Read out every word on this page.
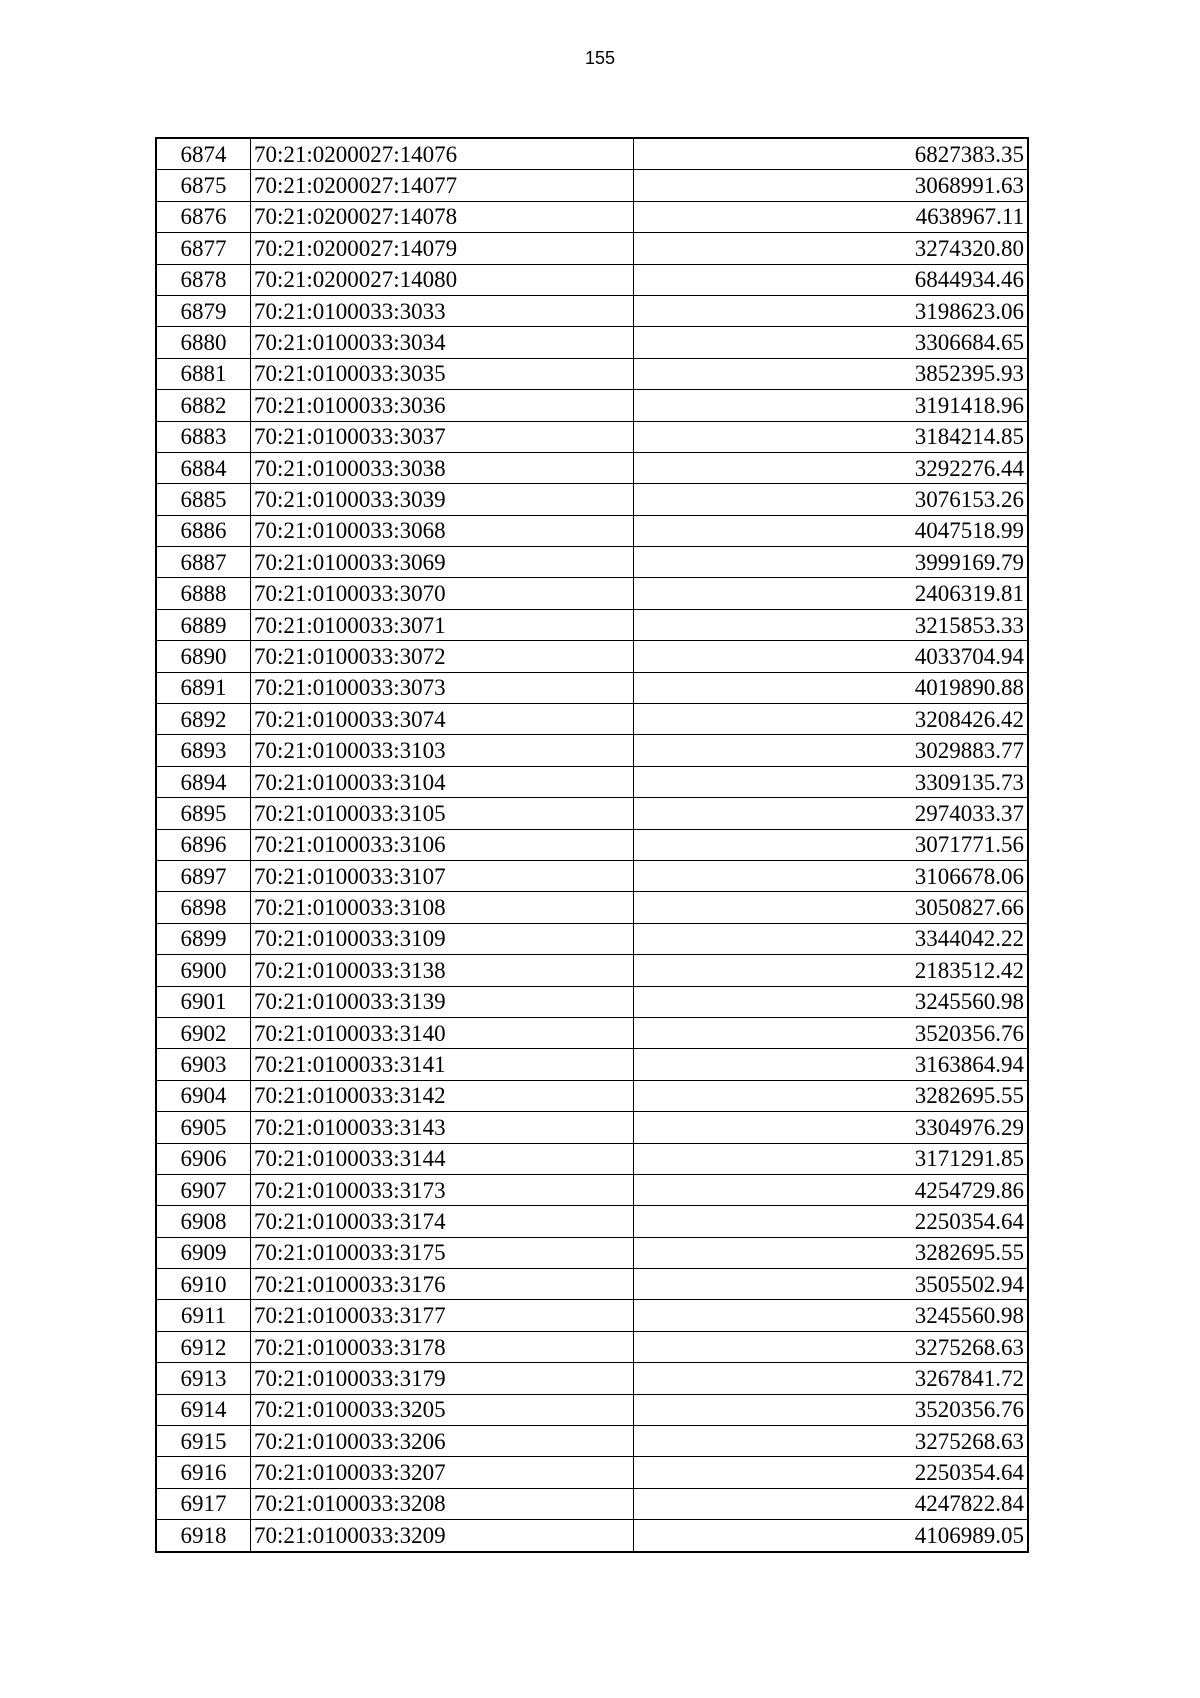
155
6874	70:21:0200027:14076	6827383.35
6875	70:21:0200027:14077	3068991.63
6876	70:21:0200027:14078	4638967.11
6877	70:21:0200027:14079	3274320.80
6878	70:21:0200027:14080	6844934.46
6879	70:21:0100033:3033	3198623.06
6880	70:21:0100033:3034	3306684.65
6881	70:21:0100033:3035	3852395.93
6882	70:21:0100033:3036	3191418.96
6883	70:21:0100033:3037	3184214.85
6884	70:21:0100033:3038	3292276.44
6885	70:21:0100033:3039	3076153.26
6886	70:21:0100033:3068	4047518.99
6887	70:21:0100033:3069	3999169.79
6888	70:21:0100033:3070	2406319.81
6889	70:21:0100033:3071	3215853.33
6890	70:21:0100033:3072	4033704.94
6891	70:21:0100033:3073	4019890.88
6892	70:21:0100033:3074	3208426.42
6893	70:21:0100033:3103	3029883.77
6894	70:21:0100033:3104	3309135.73
6895	70:21:0100033:3105	2974033.37
6896	70:21:0100033:3106	3071771.56
6897	70:21:0100033:3107	3106678.06
6898	70:21:0100033:3108	3050827.66
6899	70:21:0100033:3109	3344042.22
6900	70:21:0100033:3138	2183512.42
6901	70:21:0100033:3139	3245560.98
6902	70:21:0100033:3140	3520356.76
6903	70:21:0100033:3141	3163864.94
6904	70:21:0100033:3142	3282695.55
6905	70:21:0100033:3143	3304976.29
6906	70:21:0100033:3144	3171291.85
6907	70:21:0100033:3173	4254729.86
6908	70:21:0100033:3174	2250354.64
6909	70:21:0100033:3175	3282695.55
6910	70:21:0100033:3176	3505502.94
6911	70:21:0100033:3177	3245560.98
6912	70:21:0100033:3178	3275268.63
6913	70:21:0100033:3179	3267841.72
6914	70:21:0100033:3205	3520356.76
6915	70:21:0100033:3206	3275268.63
6916	70:21:0100033:3207	2250354.64
6917	70:21:0100033:3208	4247822.84
6918	70:21:0100033:3209	4106989.05
